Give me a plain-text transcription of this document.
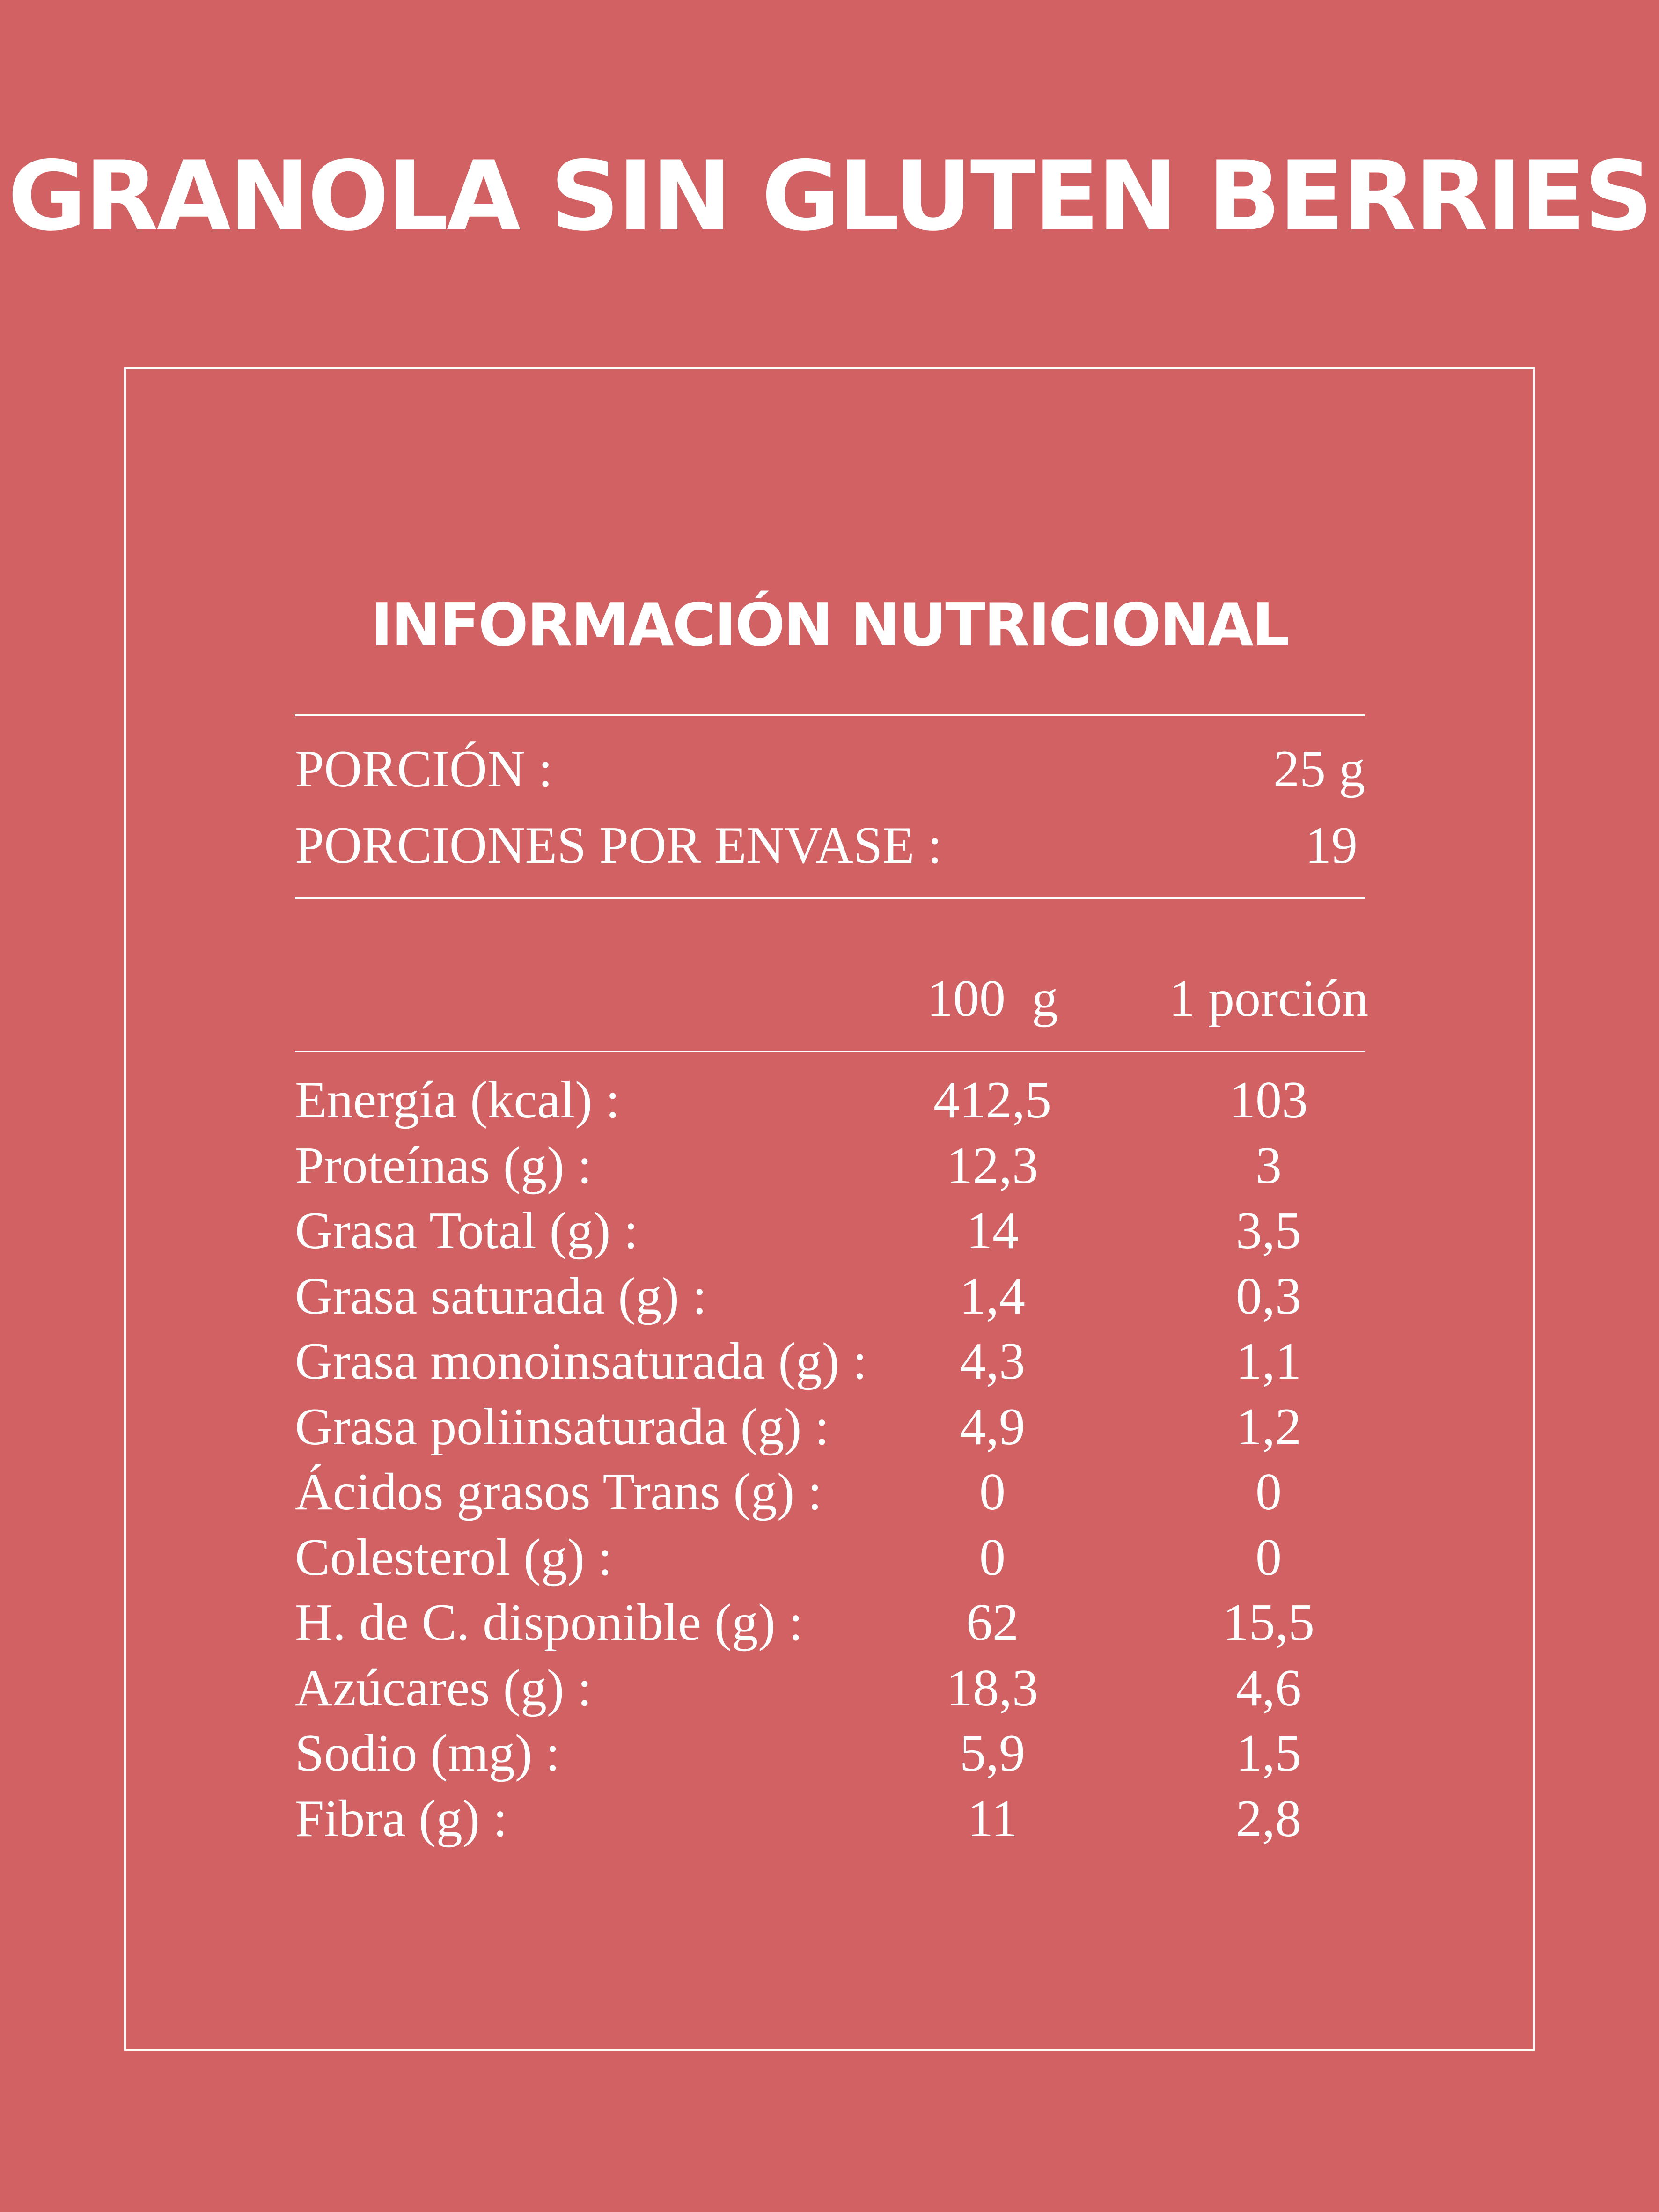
GRANOLA SIN GLUTEN BERRIES
INFORMACIÓN NUTRICIONAL
PORCIÓN :	25 g
PORCIONES POR ENVASE :	19
100  g	1 porción
Energía (kcal) :	412,5	103
Proteínas (g) :	12,3	3
Grasa Total (g) :	14	3,5
Grasa saturada (g) :	1,4	0,3
Grasa monoinsaturada (g) :	4,3	1,1
Grasa poliinsaturada (g) :	4,9	1,2
Ácidos grasos Trans (g) :	0	0
Colesterol (g) :	0	0
H. de C. disponible (g) :	62	15,5
Azúcares (g) :	18,3	4,6
Sodio (mg) :	5,9	1,5
Fibra (g) :	11	2,8
